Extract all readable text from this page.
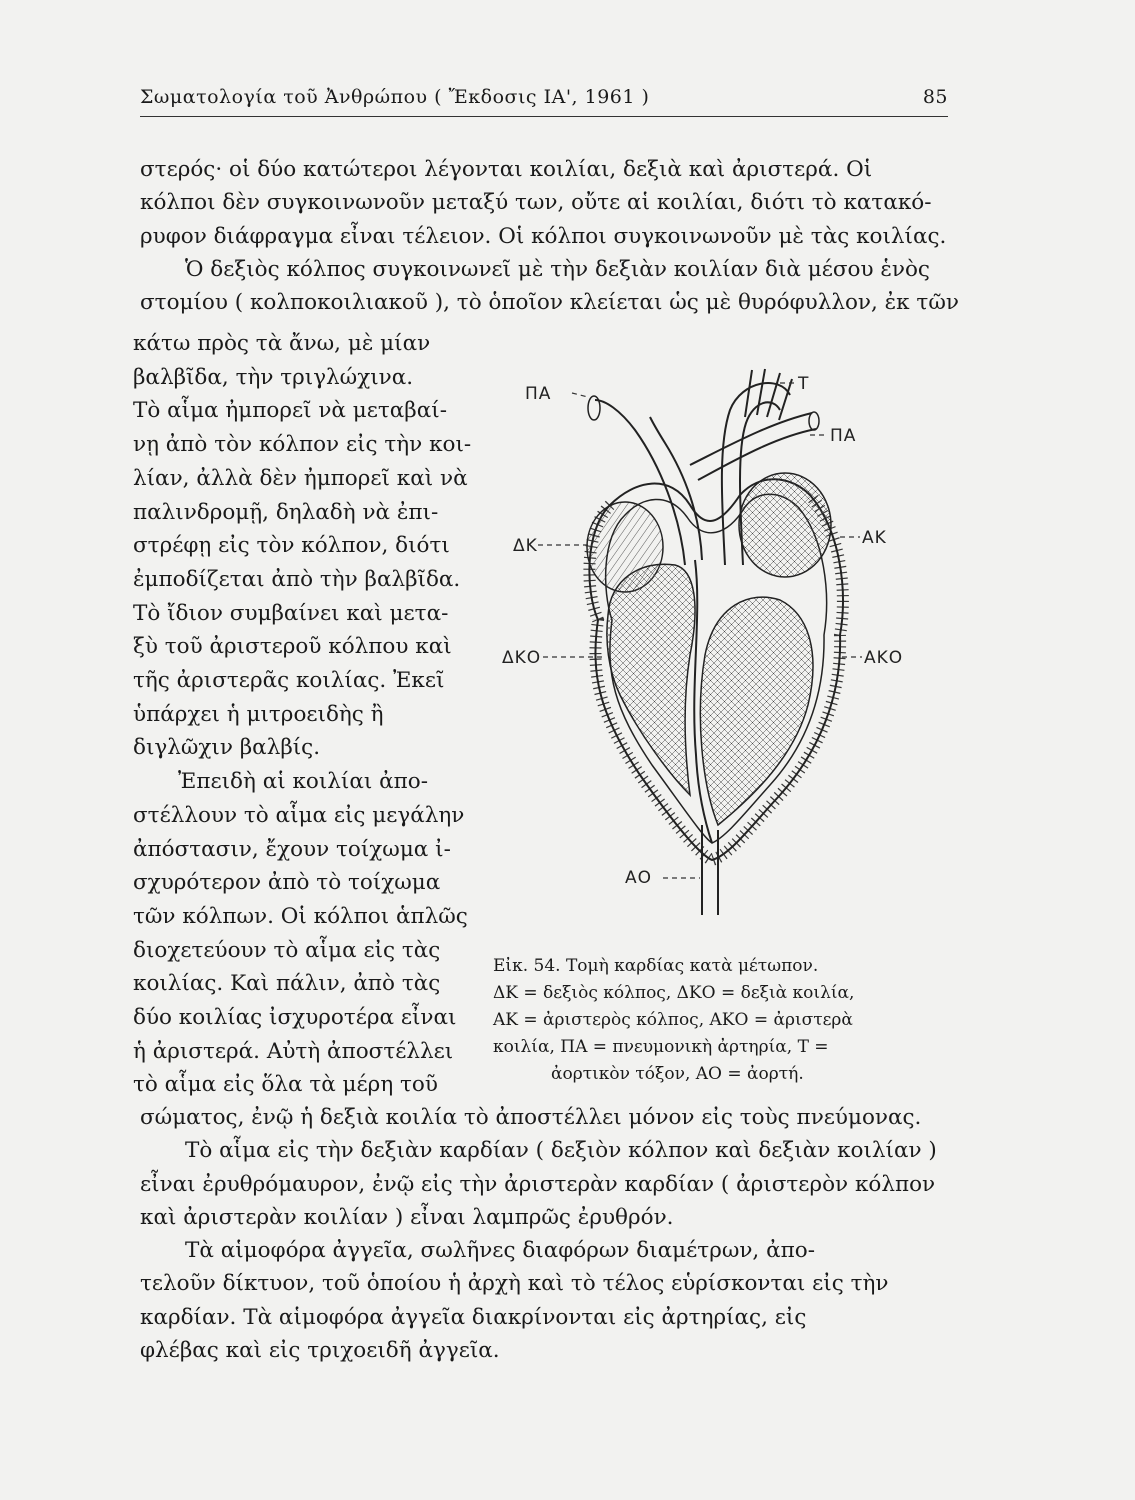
Σωματολογία τοῦ Ἀνθρώπου ( Ἔκδοσις ΙΑ', 1961 )	85

στερός· οἱ δύο κατώτεροι λέγονται κοιλίαι, δεξιὰ καὶ ἀριστερά. Οἱ
κόλποι δὲν συγκοινωνοῦν μεταξύ των, οὔτε αἱ κοιλίαι, διότι τὸ κατακό-
ρυφον διάφραγμα εἶναι τέλειον. Οἱ κόλποι συγκοινωνοῦν μὲ τὰς κοιλίας.
Ὁ δεξιὸς κόλπος συγκοινωνεῖ μὲ τὴν δεξιὰν κοιλίαν διὰ μέσου ἑνὸς
στομίου ( κολποκοιλιακοῦ ), τὸ ὁποῖον κλείεται ὡς μὲ θυρόφυλλον, ἐκ τῶν

κάτω πρὸς τὰ ἄνω, μὲ μίαν
βαλβῖδα, τὴν τριγλώχινα.
Τὸ αἷμα ἠμπορεῖ νὰ μεταβαί-
νῃ ἀπὸ τὸν κόλπον εἰς τὴν κοι-
λίαν, ἀλλὰ δὲν ἠμπορεῖ καὶ νὰ
παλινδρομῇ, δηλαδὴ νὰ ἐπι-
στρέφῃ εἰς τὸν κόλπον, διότι
ἐμποδίζεται ἀπὸ τὴν βαλβῖδα.
Τὸ ἴδιον συμβαίνει καὶ μετα-
ξὺ τοῦ ἀριστεροῦ κόλπου καὶ
τῆς ἀριστερᾶς κοιλίας. Ἐκεῖ
ὑπάρχει ἡ μιτροειδὴς ἢ
διγλῶχιν βαλβίς.
Ἐπειδὴ αἱ κοιλίαι ἀπο-
στέλλουν τὸ αἷμα εἰς μεγάλην
ἀπόστασιν, ἔχουν τοίχωμα ἰ-
σχυρότερον ἀπὸ τὸ τοίχωμα
τῶν κόλπων. Οἱ κόλποι ἁπλῶς
διοχετεύουν τὸ αἷμα εἰς τὰς
κοιλίας. Καὶ πάλιν, ἀπὸ τὰς
δύο κοιλίας ἰσχυροτέρα εἶναι
ἡ ἀριστερά. Αὐτὴ ἀποστέλλει
τὸ αἷμα εἰς ὅλα τὰ μέρη τοῦ

ΠΑ	Τ
ΠΑ
ΔΚ	ΑΚ
ΔΚΟ	ΑΚΟ
ΑΟ
Εἰκ. 54. Τομὴ καρδίας κατὰ μέτωπον.
ΔΚ = δεξιὸς κόλπος, ΔΚΟ = δεξιὰ κοιλία,
ΑΚ = ἀριστερὸς κόλπος, ΑΚΟ = ἀριστερὰ
κοιλία, ΠΑ = πνευμονικὴ ἀρτηρία, Τ =
ἀορτικὸν τόξον, ΑΟ = ἀορτή.

σώματος, ἐνῷ ἡ δεξιὰ κοιλία τὸ ἀποστέλλει μόνον εἰς τοὺς πνεύμονας.
Τὸ αἷμα εἰς τὴν δεξιὰν καρδίαν ( δεξιὸν κόλπον καὶ δεξιὰν κοιλίαν )
εἶναι ἐρυθρόμαυρον, ἐνῷ εἰς τὴν ἀριστερὰν καρδίαν ( ἀριστερὸν κόλπον
καὶ ἀριστερὰν κοιλίαν ) εἶναι λαμπρῶς ἐρυθρόν.
Τὰ αἱμοφόρα ἀγγεῖα, σωλῆνες διαφόρων διαμέτρων, ἀπο-
τελοῦν δίκτυον, τοῦ ὁποίου ἡ ἀρχὴ καὶ τὸ τέλος εὑρίσκονται εἰς τὴν
καρδίαν. Τὰ αἱμοφόρα ἀγγεῖα διακρίνονται εἰς ἀρτηρίας, εἰς
φλέβας καὶ εἰς τριχοειδῆ ἀγγεῖα.
